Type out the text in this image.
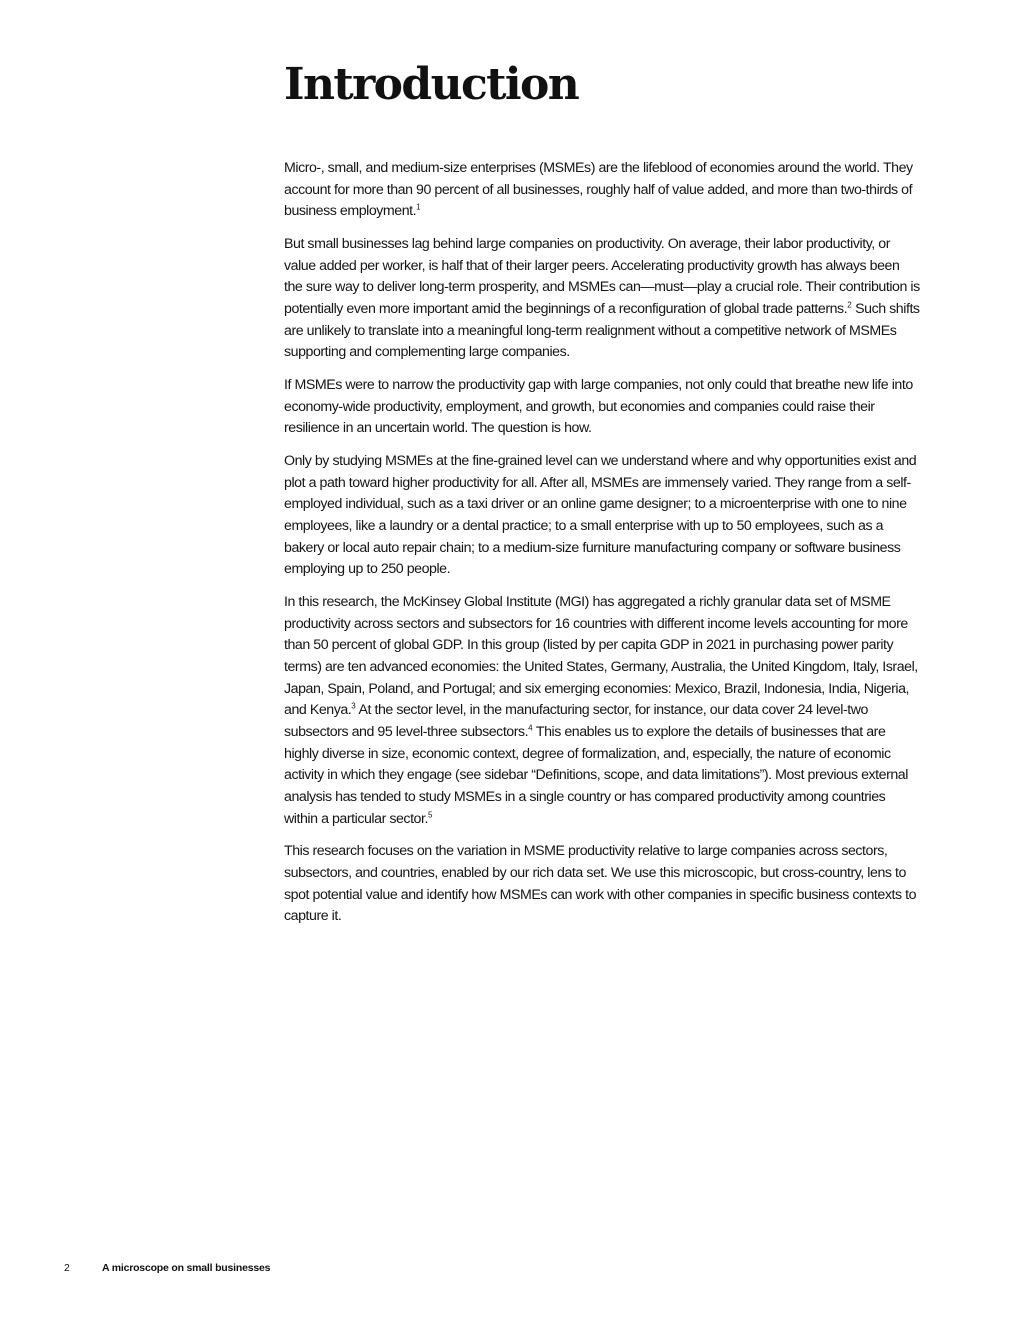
Introduction

Micro-, small, and medium-size enterprises (MSMEs) are the lifeblood of economies around the world. They account for more than 90 percent of all businesses, roughly half of value added, and more than two-thirds of business employment.$^1$

But small businesses lag behind large companies on productivity. On average, their labor productivity, or value added per worker, is half that of their larger peers. Accelerating productivity growth has always been the sure way to deliver long-term prosperity, and MSMEs can—must—play a crucial role. Their contribution is potentially even more important amid the beginnings of a reconfiguration of global trade patterns.$^2$ Such shifts are unlikely to translate into a meaningful long-term realignment without a competitive network of MSMEs supporting and complementing large companies.

If MSMEs were to narrow the productivity gap with large companies, not only could that breathe new life into economy-wide productivity, employment, and growth, but economies and companies could raise their resilience in an uncertain world. The question is how.

Only by studying MSMEs at the fine-grained level can we understand where and why opportunities exist and plot a path toward higher productivity for all. After all, MSMEs are immensely varied. They range from a self-employed individual, such as a taxi driver or an online game designer; to a microenterprise with one to nine employees, like a laundry or a dental practice; to a small enterprise with up to 50 employees, such as a bakery or local auto repair chain; to a medium-size furniture manufacturing company or software business employing up to 250 people.

In this research, the McKinsey Global Institute (MGI) has aggregated a richly granular data set of MSME productivity across sectors and subsectors for 16 countries with different income levels accounting for more than 50 percent of global GDP. In this group (listed by per capita GDP in 2021 in purchasing power parity terms) are ten advanced economies: the United States, Germany, Australia, the United Kingdom, Italy, Israel, Japan, Spain, Poland, and Portugal; and six emerging economies: Mexico, Brazil, Indonesia, India, Nigeria, and Kenya.$^3$ At the sector level, in the manufacturing sector, for instance, our data cover 24 level-two subsectors and 95 level-three subsectors.$^4$ This enables us to explore the details of businesses that are highly diverse in size, economic context, degree of formalization, and, especially, the nature of economic activity in which they engage (see sidebar “Definitions, scope, and data limitations”). Most previous external analysis has tended to study MSMEs in a single country or has compared productivity among countries within a particular sector.$^5$

This research focuses on the variation in MSME productivity relative to large companies across sectors, subsectors, and countries, enabled by our rich data set. We use this microscopic, but cross-country, lens to spot potential value and identify how MSMEs can work with other companies in specific business contexts to capture it.

2	A microscope on small businesses
